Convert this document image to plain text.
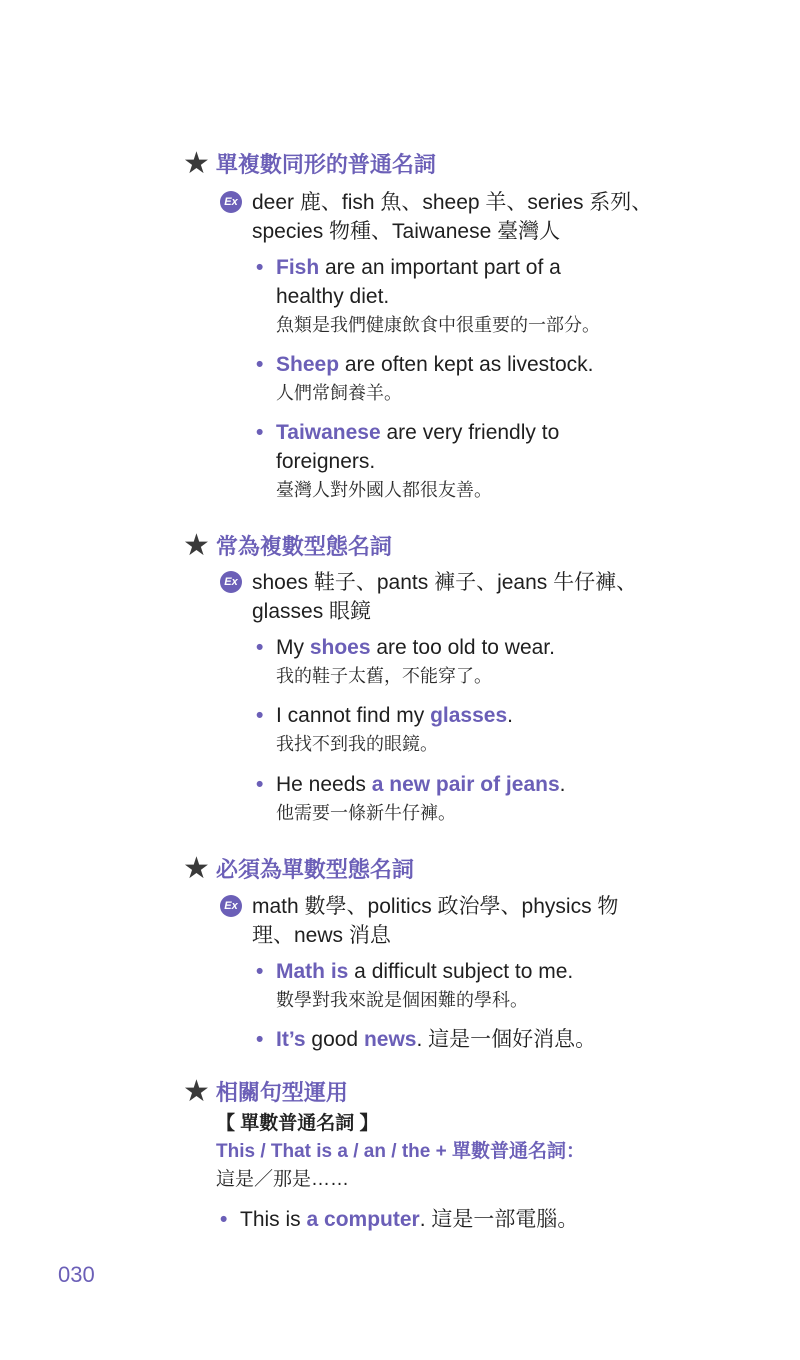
★ 單複數同形的普通名詞
Ex deer 鹿、fish 魚、sheep 羊、series 系列、
species 物種、Taiwanese 臺灣人
• Fish are an important part of a
healthy diet.
魚類是我們健康飲食中很重要的一部分。
• Sheep are often kept as livestock.
人們常飼養羊。
• Taiwanese are very friendly to
foreigners.
臺灣人對外國人都很友善。
★ 常為複數型態名詞
Ex shoes 鞋子、pants 褲子、jeans 牛仔褲、
glasses 眼鏡
• My shoes are too old to wear.
我的鞋子太舊，不能穿了。
• I cannot find my glasses.
我找不到我的眼鏡。
• He needs a new pair of jeans.
他需要一條新牛仔褲。
★ 必須為單數型態名詞
Ex math 數學、politics 政治學、physics 物
理、news 消息
• Math is a difficult subject to me.
數學對我來說是個困難的學科。
• It’s good news. 這是一個好消息。
★ 相關句型運用
【 單數普通名詞 】
This / That is a / an / the + 單數普通名詞：
這是／那是……
• This is a computer. 這是一部電腦。
030
